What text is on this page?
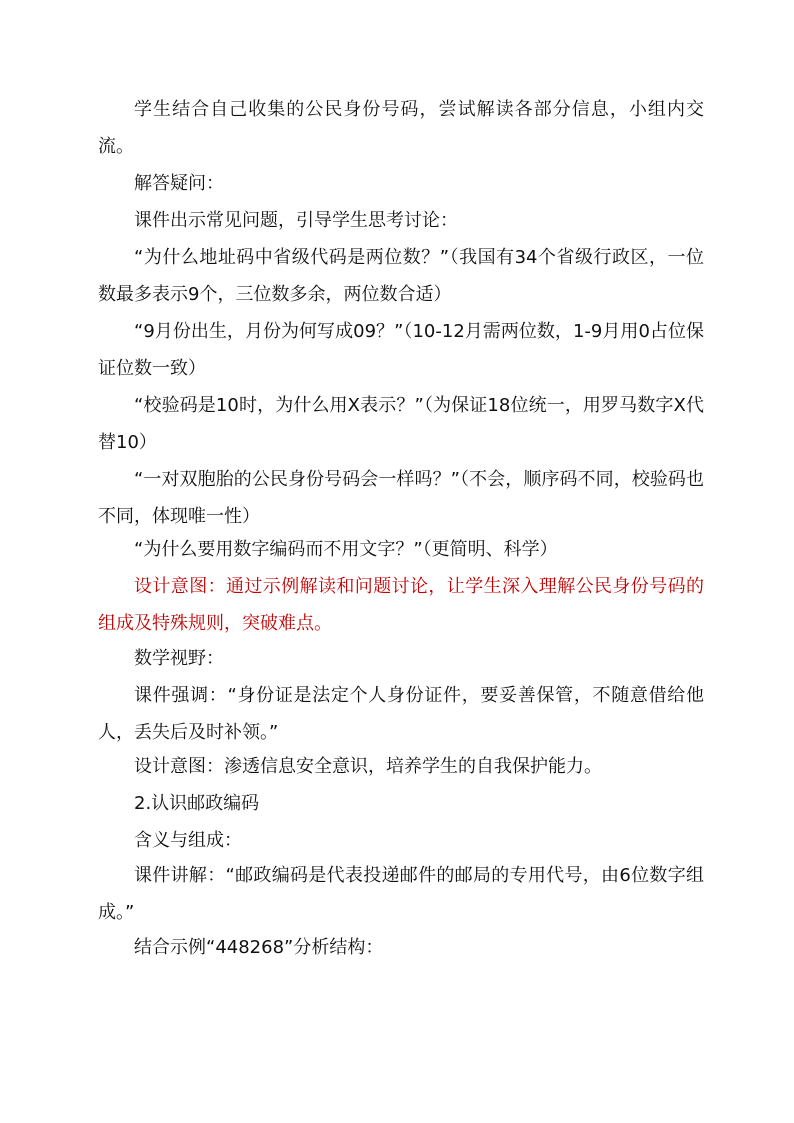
学生结合自己收集的公民身份号码，尝试解读各部分信息，小组内交流。

解答疑问：

课件出示常见问题，引导学生思考讨论：

“为什么地址码中省级代码是两位数？”（我国有34个省级行政区，一位数最多表示9个，三位数多余，两位数合适）

“9月份出生，月份为何写成09？”（10-12月需两位数，1-9月用0占位保证位数一致）

“校验码是10时，为什么用X表示？”（为保证18位统一，用罗马数字X代替10）

“一对双胞胎的公民身份号码会一样吗？”（不会，顺序码不同，校验码也不同，体现唯一性）

“为什么要用数字编码而不用文字？”（更简明、科学）

设计意图：通过示例解读和问题讨论，让学生深入理解公民身份号码的组成及特殊规则，突破难点。

数学视野：

课件强调：“身份证是法定个人身份证件，要妥善保管，不随意借给他人，丢失后及时补领。”

设计意图：渗透信息安全意识，培养学生的自我保护能力。

2.认识邮政编码

含义与组成：

课件讲解：“邮政编码是代表投递邮件的邮局的专用代号，由6位数字组成。”

结合示例“448268”分析结构：
